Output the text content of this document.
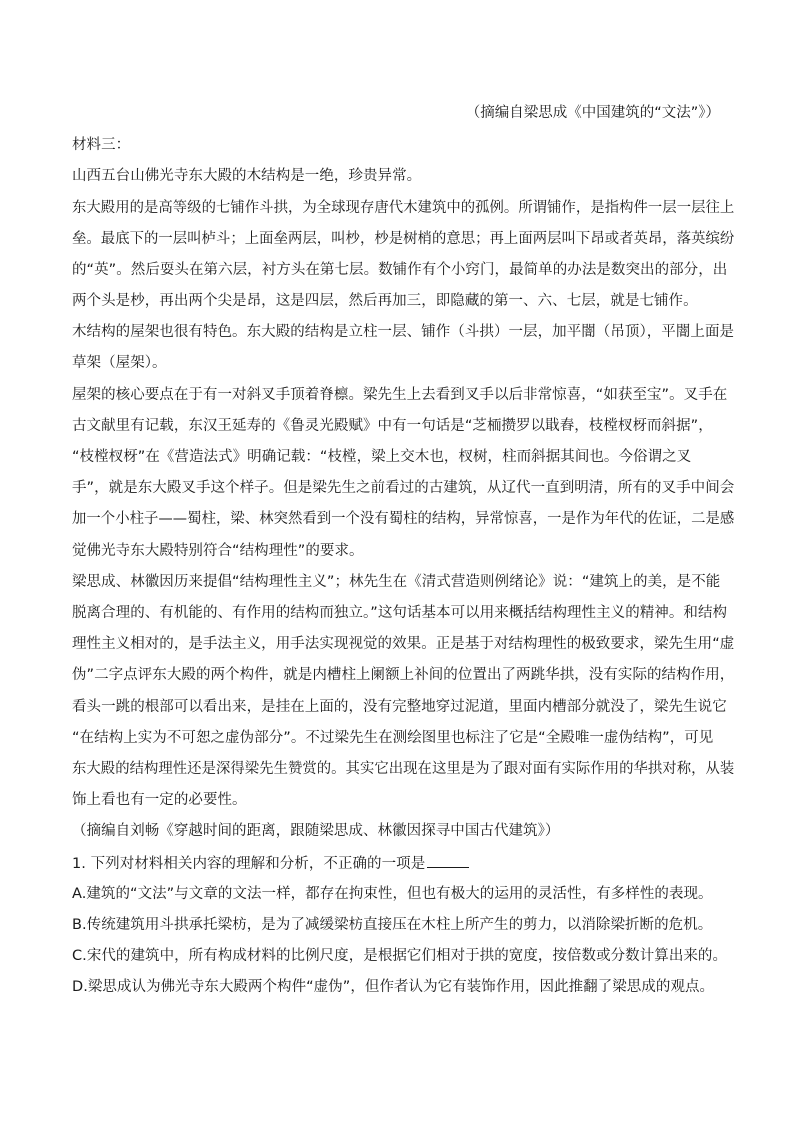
（摘编自梁思成《中国建筑的“文法”》）
材料三：
山西五台山佛光寺东大殿的木结构是一绝，珍贵异常。
东大殿用的是高等级的七铺作斗拱，为全球现存唐代木建筑中的孤例。所谓铺作，是指构件一层一层往上
垒。最底下的一层叫栌斗；上面垒两层，叫杪，杪是树梢的意思；再上面两层叫下昂或者英昂，落英缤纷
的“英”。然后耍头在第六层，衬方头在第七层。数铺作有个小窍门，最简单的办法是数突出的部分，出
两个头是杪，再出两个尖是昂，这是四层，然后再加三，即隐藏的第一、六、七层，就是七铺作。
木结构的屋架也很有特色。东大殿的结构是立柱一层、铺作（斗拱）一层，加平闇（吊顶），平闇上面是
草架（屋架）。
屋架的核心要点在于有一对斜叉手顶着脊檩。梁先生上去看到叉手以后非常惊喜，“如获至宝”。叉手在
古文献里有记载，东汉王延寿的《鲁灵光殿赋》中有一句话是“芝栭攒罗以戢舂，枝樘杈枒而斜据”，
“枝樘杈枒”在《营造法式》明确记载：“枝樘，梁上交木也，杈树，柱而斜据其间也。今俗谓之叉
手”，就是东大殿叉手这个样子。但是梁先生之前看过的古建筑，从辽代一直到明清，所有的叉手中间会
加一个小柱子——蜀柱，梁、林突然看到一个没有蜀柱的结构，异常惊喜，一是作为年代的佐证，二是感
觉佛光寺东大殿特别符合“结构理性”的要求。
梁思成、林徽因历来提倡“结构理性主义”；林先生在《清式营造则例绪论》说：“建筑上的美，是不能
脱离合理的、有机能的、有作用的结构而独立。”这句话基本可以用来概括结构理性主义的精神。和结构
理性主义相对的，是手法主义，用手法实现视觉的效果。正是基于对结构理性的极致要求，梁先生用“虚
伪”二字点评东大殿的两个构件，就是内槽柱上阑额上补间的位置出了两跳华拱，没有实际的结构作用，
看头一跳的根部可以看出来，是挂在上面的，没有完整地穿过泥道，里面内槽部分就没了，梁先生说它
“在结构上实为不可恕之虚伪部分”。不过梁先生在测绘图里也标注了它是“全殿唯一虚伪结构”，可见
东大殿的结构理性还是深得梁先生赞赏的。其实它出现在这里是为了跟对面有实际作用的华拱对称，从装
饰上看也有一定的必要性。
（摘编自刘畅《穿越时间的距离，跟随梁思成、林徽因探寻中国古代建筑》）
1. 下列对材料相关内容的理解和分析，不正确的一项是
A.建筑的“文法”与文章的文法一样，都存在拘束性，但也有极大的运用的灵活性，有多样性的表现。
B.传统建筑用斗拱承托梁枋，是为了减缓梁枋直接压在木柱上所产生的剪力，以消除梁折断的危机。
C.宋代的建筑中，所有构成材料的比例尺度，是根据它们相对于拱的宽度，按倍数或分数计算出来的。
D.梁思成认为佛光寺东大殿两个构件“虚伪”，但作者认为它有装饰作用，因此推翻了梁思成的观点。
